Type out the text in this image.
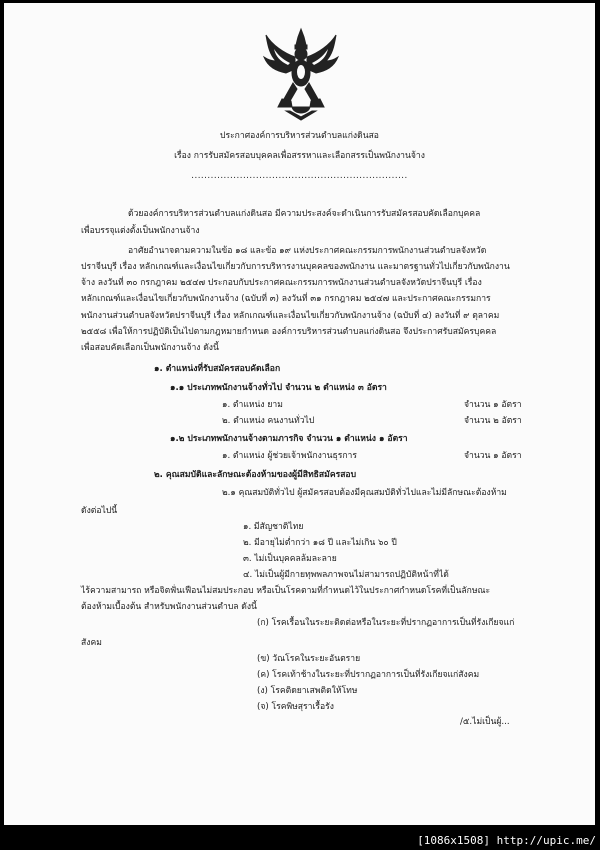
ประกาศองค์การบริหารส่วนตำบลแก่งดินสอ
เรื่อง การรับสมัครสอบบุคคลเพื่อสรรหาและเลือกสรรเป็นพนักงานจ้าง
...................................................................
ด้วยองค์การบริหารส่วนตำบลแก่งดินสอ มีความประสงค์จะดำเนินการรับสมัครสอบคัดเลือกบุคคล
เพื่อบรรจุแต่งตั้งเป็นพนักงานจ้าง
อาศัยอำนาจตามความในข้อ ๑๘ และข้อ ๑๙ แห่งประกาศคณะกรรมการพนักงานส่วนตำบลจังหวัด
ปราจีนบุรี เรื่อง หลักเกณฑ์และเงื่อนไขเกี่ยวกับการบริหารงานบุคคลของพนักงาน และมาตรฐานทั่วไปเกี่ยวกับพนักงาน
จ้าง ลงวันที่ ๓๐ กรกฎาคม ๒๕๔๗ ประกอบกับประกาศคณะกรรมการพนักงานส่วนตำบลจังหวัดปราจีนบุรี เรื่อง
หลักเกณฑ์และเงื่อนไขเกี่ยวกับพนักงานจ้าง (ฉบับที่ ๓) ลงวันที่ ๓๑ กรกฎาคม ๒๕๔๗ และประกาศคณะกรรมการ
พนักงานส่วนตำบลจังหวัดปราจีนบุรี เรื่อง หลักเกณฑ์และเงื่อนไขเกี่ยวกับพนักงานจ้าง (ฉบับที่ ๔) ลงวันที่ ๙ ตุลาคม
๒๕๕๘ เพื่อให้การปฏิบัติเป็นไปตามกฎหมายกำหนด องค์การบริหารส่วนตำบลแก่งดินสอ จึงประกาศรับสมัครบุคคล
เพื่อสอบคัดเลือกเป็นพนักงานจ้าง ดังนี้
๑. ตำแหน่งที่รับสมัครสอบคัดเลือก
๑.๑ ประเภทพนักงานจ้างทั่วไป จำนวน ๒ ตำแหน่ง ๓ อัตรา
๑. ตำแหน่ง ยาม	จำนวน ๑ อัตรา
๒. ตำแหน่ง คนงานทั่วไป	จำนวน ๒ อัตรา
๑.๒ ประเภทพนักงานจ้างตามภารกิจ จำนวน ๑ ตำแหน่ง ๑ อัตรา
๑. ตำแหน่ง ผู้ช่วยเจ้าพนักงานธุรการ	จำนวน ๑ อัตรา
๒. คุณสมบัติและลักษณะต้องห้ามของผู้มีสิทธิสมัครสอบ
๒.๑ คุณสมบัติทั่วไป ผู้สมัครสอบต้องมีคุณสมบัติทั่วไปและไม่มีลักษณะต้องห้าม
ดังต่อไปนี้
๑. มีสัญชาติไทย
๒. มีอายุไม่ต่ำกว่า ๑๘ ปี และไม่เกิน ๖๐ ปี
๓. ไม่เป็นบุคคลล้มละลาย
๔. ไม่เป็นผู้มีกายทุพพลภาพจนไม่สามารถปฏิบัติหน้าที่ได้
ไร้ความสามารถ หรือจิตฟั่นเฟือนไม่สมประกอบ หรือเป็นโรคตามที่กำหนดไว้ในประกาศกำหนดโรคที่เป็นลักษณะ
ต้องห้ามเบื้องต้น สำหรับพนักงานส่วนตำบล ดังนี้
(ก) โรคเรื้อนในระยะติดต่อหรือในระยะที่ปรากฏอาการเป็นที่รังเกียจแก่
สังคม
(ข) วัณโรคในระยะอันตราย
(ค) โรคเท้าช้างในระยะที่ปรากฏอาการเป็นที่รังเกียจแก่สังคม
(ง) โรคติดยาเสพติดให้โทษ
(จ) โรคพิษสุราเรื้อรัง
/๕.ไม่เป็นผู้...
[1086x1508] http://upic.me/
